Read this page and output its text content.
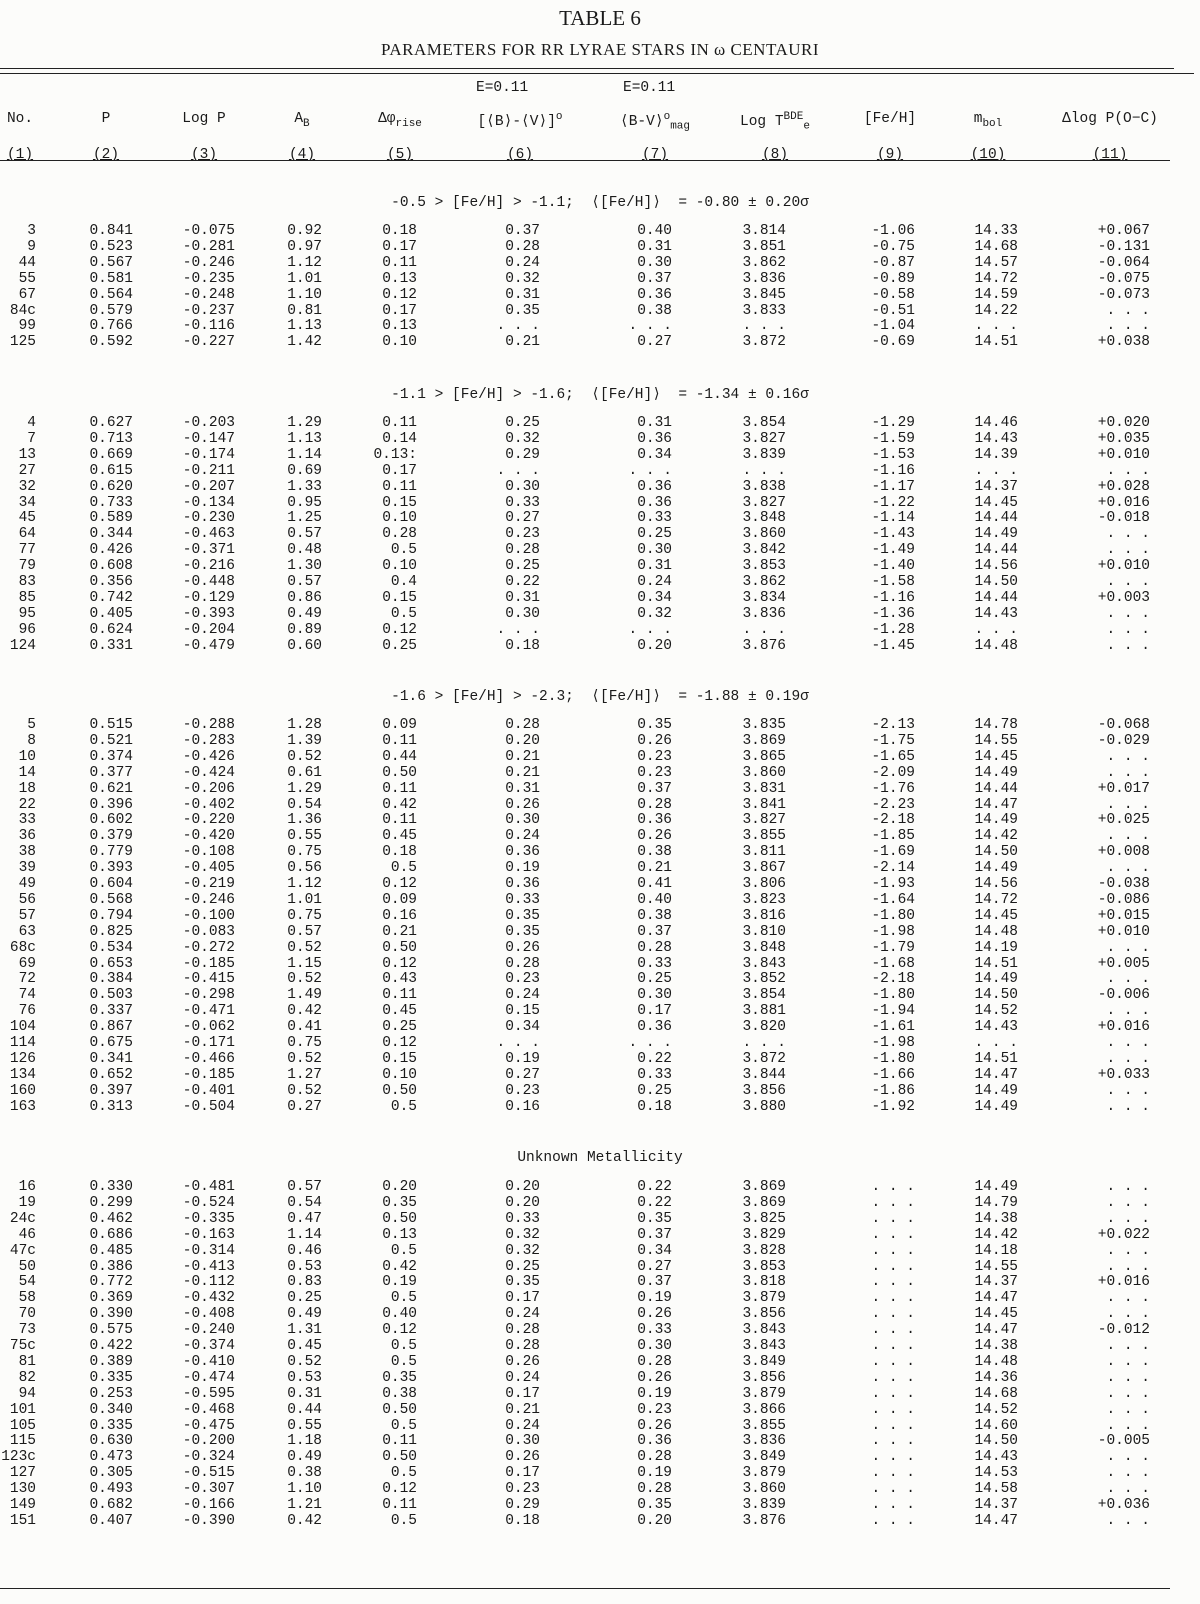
TABLE 6
PARAMETERS FOR RR LYRAE STARS IN ω CENTAURI
E=0.11	E=0.11
No.	P	Log P	$A_B$	$\Delta\varphi_{rise}$	[⟨B⟩-⟨V⟩]$^o$	⟨B-V⟩$^o_{mag}$	Log $T^{BDE}_e$	[Fe/H]	$m_{bol}$	Δlog P(O−C)
(1)	(2)	(3)	(4)	(5)	(6)	(7)	(8)	(9)	(10)	(11)
-0.5 > [Fe/H] > -1.1;  ⟨[Fe/H]⟩  = -0.80 ± 0.20σ
3	0.841	-0.075	0.92	0.18	0.37	0.40	3.814	-1.06	14.33	+0.067
9	0.523	-0.281	0.97	0.17	0.28	0.31	3.851	-0.75	14.68	-0.131
44	0.567	-0.246	1.12	0.11	0.24	0.30	3.862	-0.87	14.57	-0.064
55	0.581	-0.235	1.01	0.13	0.32	0.37	3.836	-0.89	14.72	-0.075
67	0.564	-0.248	1.10	0.12	0.31	0.36	3.845	-0.58	14.59	-0.073
84c	0.579	-0.237	0.81	0.17	0.35	0.38	3.833	-0.51	14.22	. . .
99	0.766	-0.116	1.13	0.13	. . .	. . .	. . .	-1.04	. . .	. . .
125	0.592	-0.227	1.42	0.10	0.21	0.27	3.872	-0.69	14.51	+0.038
-1.1 > [Fe/H] > -1.6;  ⟨[Fe/H]⟩  = -1.34 ± 0.16σ
4	0.627	-0.203	1.29	0.11	0.25	0.31	3.854	-1.29	14.46	+0.020
7	0.713	-0.147	1.13	0.14	0.32	0.36	3.827	-1.59	14.43	+0.035
13	0.669	-0.174	1.14	0.13:	0.29	0.34	3.839	-1.53	14.39	+0.010
27	0.615	-0.211	0.69	0.17	. . .	. . .	. . .	-1.16	. . .	. . .
32	0.620	-0.207	1.33	0.11	0.30	0.36	3.838	-1.17	14.37	+0.028
34	0.733	-0.134	0.95	0.15	0.33	0.36	3.827	-1.22	14.45	+0.016
45	0.589	-0.230	1.25	0.10	0.27	0.33	3.848	-1.14	14.44	-0.018
64	0.344	-0.463	0.57	0.28	0.23	0.25	3.860	-1.43	14.49	. . .
77	0.426	-0.371	0.48	0.5	0.28	0.30	3.842	-1.49	14.44	. . .
79	0.608	-0.216	1.30	0.10	0.25	0.31	3.853	-1.40	14.56	+0.010
83	0.356	-0.448	0.57	0.4	0.22	0.24	3.862	-1.58	14.50	. . .
85	0.742	-0.129	0.86	0.15	0.31	0.34	3.834	-1.16	14.44	+0.003
95	0.405	-0.393	0.49	0.5	0.30	0.32	3.836	-1.36	14.43	. . .
96	0.624	-0.204	0.89	0.12	. . .	. . .	. . .	-1.28	. . .	. . .
124	0.331	-0.479	0.60	0.25	0.18	0.20	3.876	-1.45	14.48	. . .
-1.6 > [Fe/H] > -2.3;  ⟨[Fe/H]⟩  = -1.88 ± 0.19σ
5	0.515	-0.288	1.28	0.09	0.28	0.35	3.835	-2.13	14.78	-0.068
8	0.521	-0.283	1.39	0.11	0.20	0.26	3.869	-1.75	14.55	-0.029
10	0.374	-0.426	0.52	0.44	0.21	0.23	3.865	-1.65	14.45	. . .
14	0.377	-0.424	0.61	0.50	0.21	0.23	3.860	-2.09	14.49	. . .
18	0.621	-0.206	1.29	0.11	0.31	0.37	3.831	-1.76	14.44	+0.017
22	0.396	-0.402	0.54	0.42	0.26	0.28	3.841	-2.23	14.47	. . .
33	0.602	-0.220	1.36	0.11	0.30	0.36	3.827	-2.18	14.49	+0.025
36	0.379	-0.420	0.55	0.45	0.24	0.26	3.855	-1.85	14.42	. . .
38	0.779	-0.108	0.75	0.18	0.36	0.38	3.811	-1.69	14.50	+0.008
39	0.393	-0.405	0.56	0.5	0.19	0.21	3.867	-2.14	14.49	. . .
49	0.604	-0.219	1.12	0.12	0.36	0.41	3.806	-1.93	14.56	-0.038
56	0.568	-0.246	1.01	0.09	0.33	0.40	3.823	-1.64	14.72	-0.086
57	0.794	-0.100	0.75	0.16	0.35	0.38	3.816	-1.80	14.45	+0.015
63	0.825	-0.083	0.57	0.21	0.35	0.37	3.810	-1.98	14.48	+0.010
68c	0.534	-0.272	0.52	0.50	0.26	0.28	3.848	-1.79	14.19	. . .
69	0.653	-0.185	1.15	0.12	0.28	0.33	3.843	-1.68	14.51	+0.005
72	0.384	-0.415	0.52	0.43	0.23	0.25	3.852	-2.18	14.49	. . .
74	0.503	-0.298	1.49	0.11	0.24	0.30	3.854	-1.80	14.50	-0.006
76	0.337	-0.471	0.42	0.45	0.15	0.17	3.881	-1.94	14.52	. . .
104	0.867	-0.062	0.41	0.25	0.34	0.36	3.820	-1.61	14.43	+0.016
114	0.675	-0.171	0.75	0.12	. . .	. . .	. . .	-1.98	. . .	. . .
126	0.341	-0.466	0.52	0.15	0.19	0.22	3.872	-1.80	14.51	. . .
134	0.652	-0.185	1.27	0.10	0.27	0.33	3.844	-1.66	14.47	+0.033
160	0.397	-0.401	0.52	0.50	0.23	0.25	3.856	-1.86	14.49	. . .
163	0.313	-0.504	0.27	0.5	0.16	0.18	3.880	-1.92	14.49	. . .
Unknown Metallicity
16	0.330	-0.481	0.57	0.20	0.20	0.22	3.869	. . .	14.49	. . .
19	0.299	-0.524	0.54	0.35	0.20	0.22	3.869	. . .	14.79	. . .
24c	0.462	-0.335	0.47	0.50	0.33	0.35	3.825	. . .	14.38	. . .
46	0.686	-0.163	1.14	0.13	0.32	0.37	3.829	. . .	14.42	+0.022
47c	0.485	-0.314	0.46	0.5	0.32	0.34	3.828	. . .	14.18	. . .
50	0.386	-0.413	0.53	0.42	0.25	0.27	3.853	. . .	14.55	. . .
54	0.772	-0.112	0.83	0.19	0.35	0.37	3.818	. . .	14.37	+0.016
58	0.369	-0.432	0.25	0.5	0.17	0.19	3.879	. . .	14.47	. . .
70	0.390	-0.408	0.49	0.40	0.24	0.26	3.856	. . .	14.45	. . .
73	0.575	-0.240	1.31	0.12	0.28	0.33	3.843	. . .	14.47	-0.012
75c	0.422	-0.374	0.45	0.5	0.28	0.30	3.843	. . .	14.38	. . .
81	0.389	-0.410	0.52	0.5	0.26	0.28	3.849	. . .	14.48	. . .
82	0.335	-0.474	0.53	0.35	0.24	0.26	3.856	. . .	14.36	. . .
94	0.253	-0.595	0.31	0.38	0.17	0.19	3.879	. . .	14.68	. . .
101	0.340	-0.468	0.44	0.50	0.21	0.23	3.866	. . .	14.52	. . .
105	0.335	-0.475	0.55	0.5	0.24	0.26	3.855	. . .	14.60	. . .
115	0.630	-0.200	1.18	0.11	0.30	0.36	3.836	. . .	14.50	-0.005
123c	0.473	-0.324	0.49	0.50	0.26	0.28	3.849	. . .	14.43	. . .
127	0.305	-0.515	0.38	0.5	0.17	0.19	3.879	. . .	14.53	. . .
130	0.493	-0.307	1.10	0.12	0.23	0.28	3.860	. . .	14.58	. . .
149	0.682	-0.166	1.21	0.11	0.29	0.35	3.839	. . .	14.37	+0.036
151	0.407	-0.390	0.42	0.5	0.18	0.20	3.876	. . .	14.47	. . .
